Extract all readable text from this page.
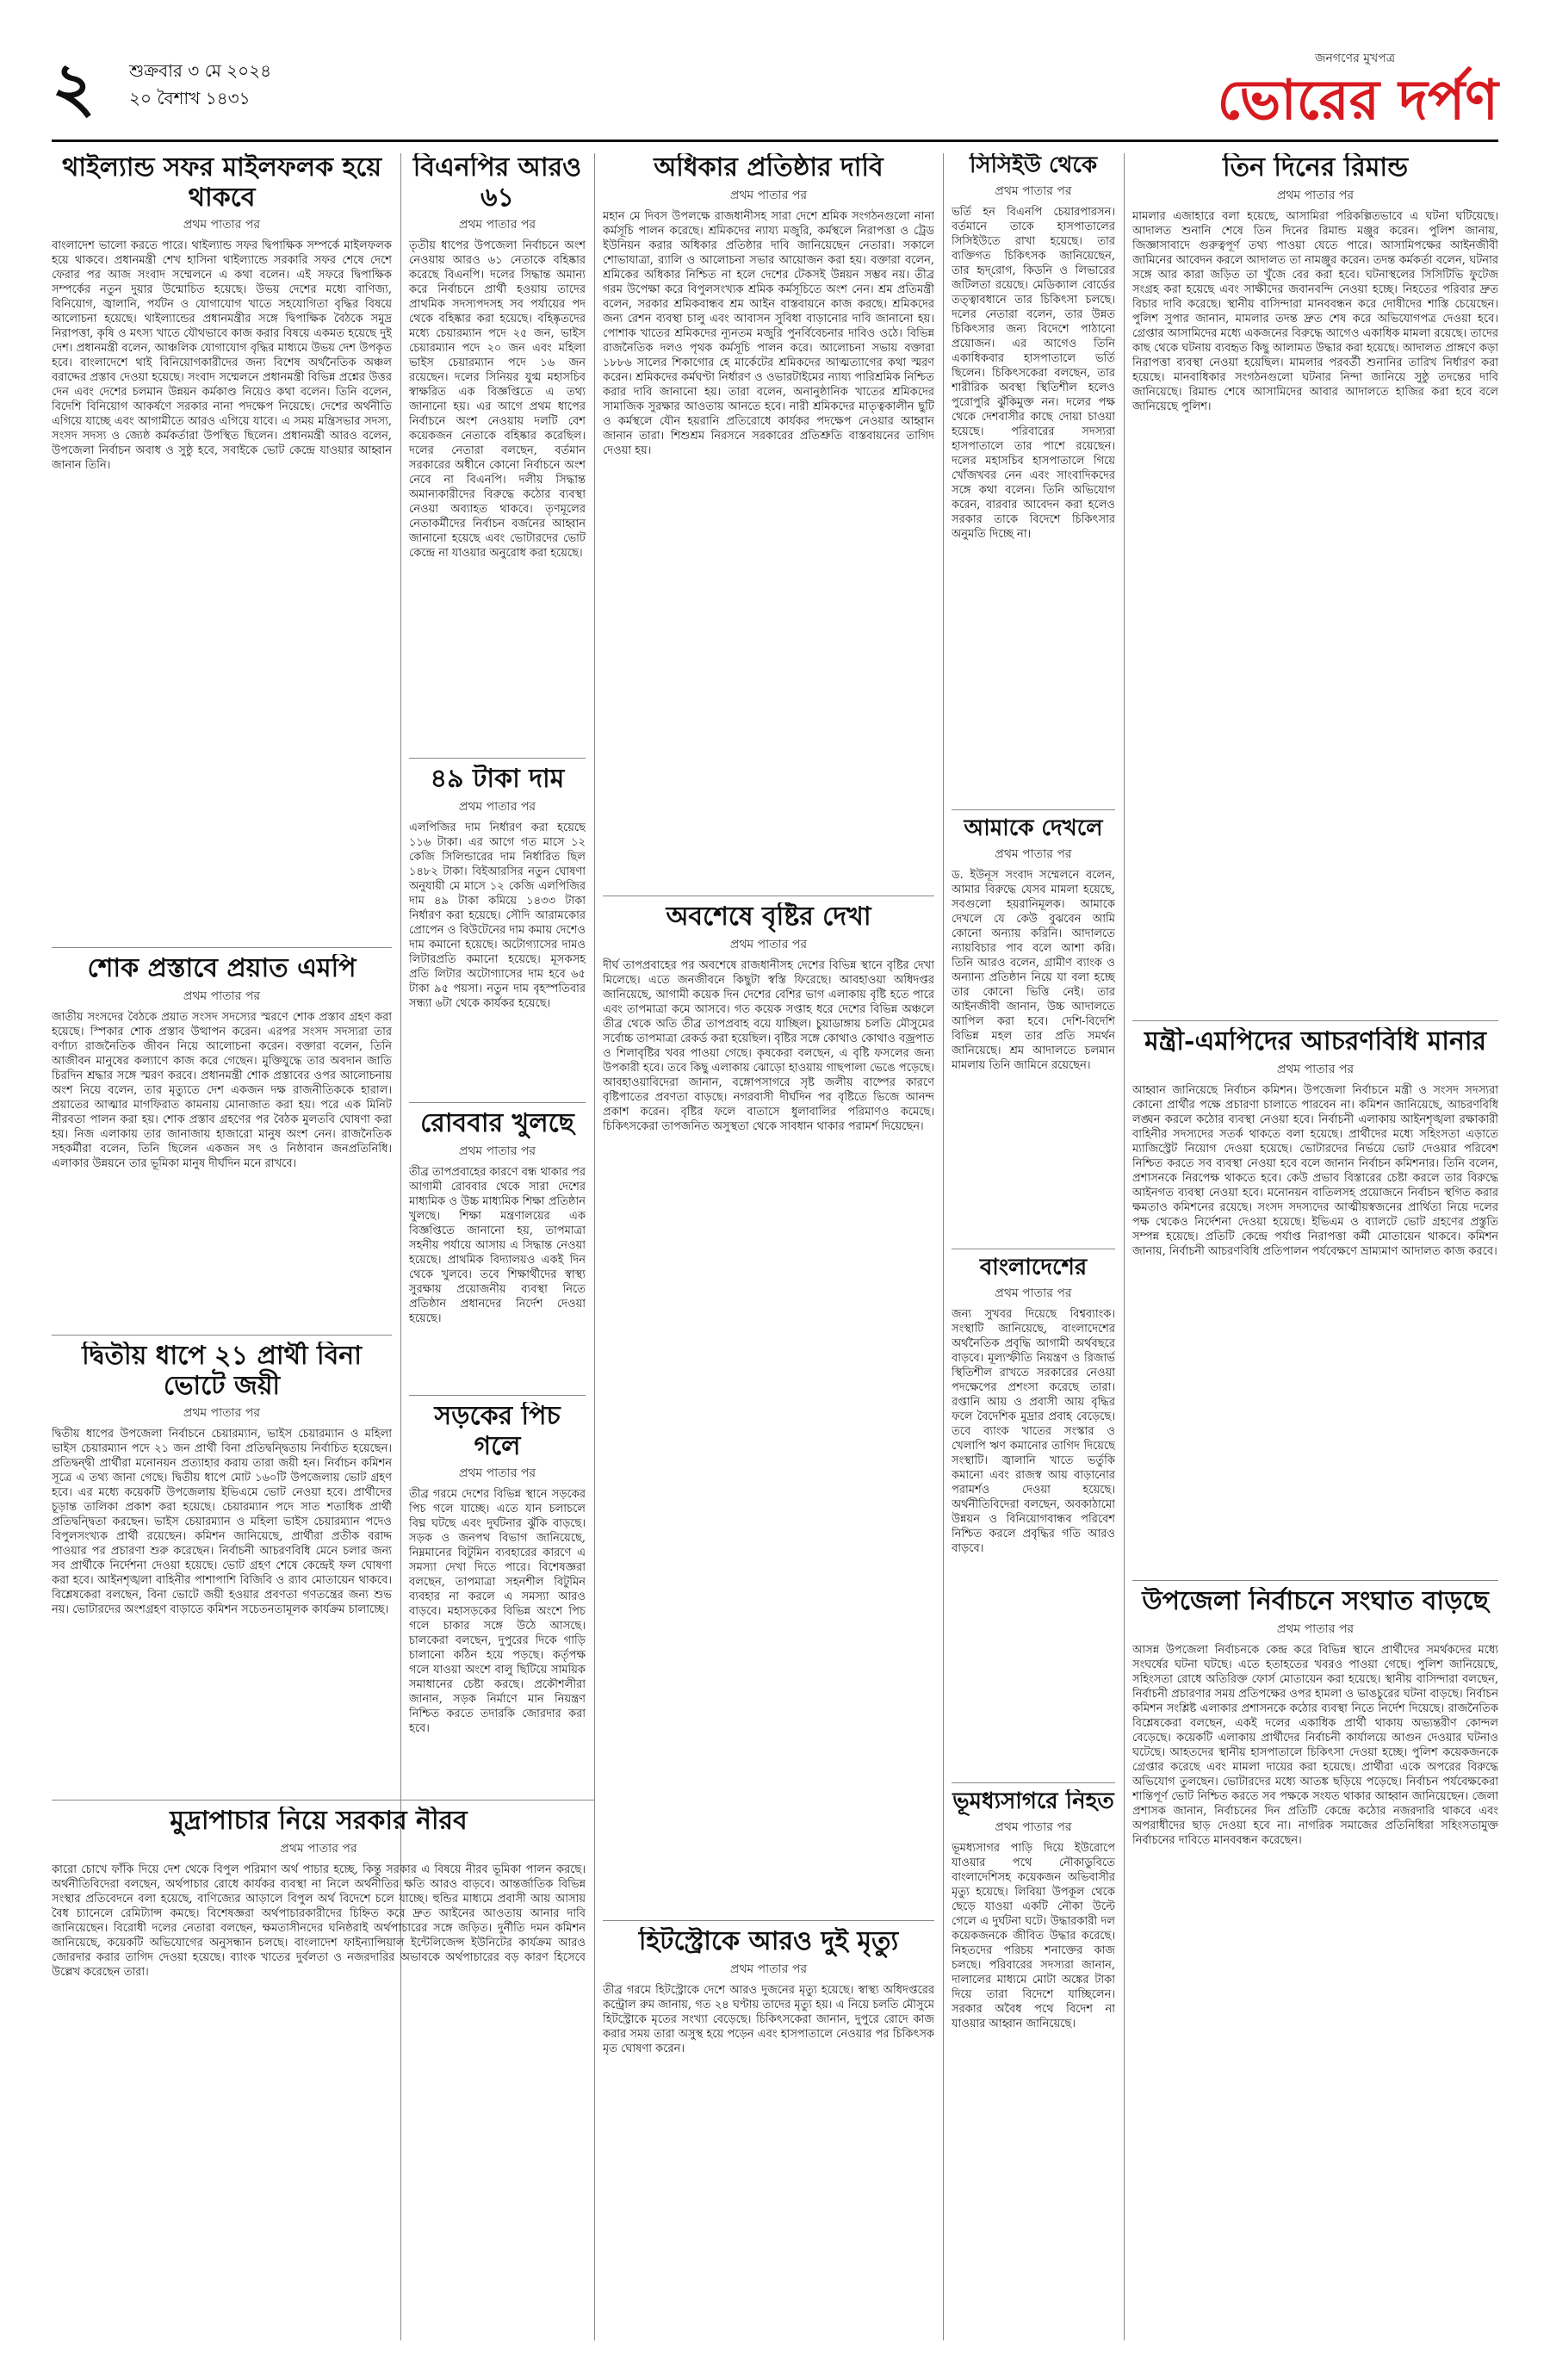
২ শুক্রবার ৩ মে ২০২৪
২০ বৈশাখ ১৪৩১
জনগণের মুখপত্র
ভোরের দর্পণ
থাইল্যান্ড সফর মাইলফলক হয়ে থাকবে
প্রথম পাতার পর

বাংলাদেশ ভালো করতে পারে। থাইল্যান্ড সফর দ্বিপাক্ষিক সম্পর্কে মাইলফলক হয়ে থাকবে। প্রধানমন্ত্রী শেখ হাসিনা থাইল্যান্ডে সরকারি সফর শেষে দেশে ফেরার পর আজ সংবাদ সম্মেলনে এ কথা বলেন। এই সফরে দ্বিপাক্ষিক সম্পর্কের নতুন দুয়ার উন্মোচিত হয়েছে। উভয় দেশের মধ্যে বাণিজ্য, বিনিয়োগ, জ্বালানি, পর্যটন ও যোগাযোগ খাতে সহযোগিতা বৃদ্ধির বিষয়ে আলোচনা হয়েছে। থাইল্যান্ডের প্রধানমন্ত্রীর সঙ্গে দ্বিপাক্ষিক বৈঠকে সমুদ্র নিরাপত্তা, কৃষি ও মৎস্য খাতে যৌথভাবে কাজ করার বিষয়ে একমত হয়েছে দুই দেশ। প্রধানমন্ত্রী বলেন, আঞ্চলিক যোগাযোগ বৃদ্ধির মাধ্যমে উভয় দেশ উপকৃত হবে। বাংলাদেশে থাই বিনিয়োগকারীদের জন্য বিশেষ অর্থনৈতিক অঞ্চল বরাদ্দের প্রস্তাব দেওয়া হয়েছে। সংবাদ সম্মেলনে প্রধানমন্ত্রী বিভিন্ন প্রশ্নের উত্তর দেন এবং দেশের চলমান উন্নয়ন কর্মকাণ্ড নিয়েও কথা বলেন। তিনি বলেন, বিদেশি বিনিয়োগ আকর্ষণে সরকার নানা পদক্ষেপ নিয়েছে। দেশের অর্থনীতি এগিয়ে যাচ্ছে এবং আগামীতে আরও এগিয়ে যাবে। এ সময় মন্ত্রিসভার সদস্য, সংসদ সদস্য ও জ্যেষ্ঠ কর্মকর্তারা উপস্থিত ছিলেন। প্রধানমন্ত্রী আরও বলেন, উপজেলা নির্বাচন অবাধ ও সুষ্ঠু হবে, সবাইকে ভোট কেন্দ্রে যাওয়ার আহ্বান জানান তিনি।

শোক প্রস্তাবে প্রয়াত এমপি
প্রথম পাতার পর

জাতীয় সংসদের বৈঠকে প্রয়াত সংসদ সদস্যের স্মরণে শোক প্রস্তাব গ্রহণ করা হয়েছে। স্পিকার শোক প্রস্তাব উত্থাপন করেন। এরপর সংসদ সদস্যরা তার বর্ণাঢ্য রাজনৈতিক জীবন নিয়ে আলোচনা করেন। বক্তারা বলেন, তিনি আজীবন মানুষের কল্যাণে কাজ করে গেছেন। মুক্তিযুদ্ধে তার অবদান জাতি চিরদিন শ্রদ্ধার সঙ্গে স্মরণ করবে। প্রধানমন্ত্রী শোক প্রস্তাবের ওপর আলোচনায় অংশ নিয়ে বলেন, তার মৃত্যুতে দেশ একজন দক্ষ রাজনীতিককে হারাল। প্রয়াতের আত্মার মাগফিরাত কামনায় মোনাজাত করা হয়। পরে এক মিনিট নীরবতা পালন করা হয়। শোক প্রস্তাব গ্রহণের পর বৈঠক মুলতবি ঘোষণা করা হয়। নিজ এলাকায় তার জানাজায় হাজারো মানুষ অংশ নেন। রাজনৈতিক সহকর্মীরা বলেন, তিনি ছিলেন একজন সৎ ও নিষ্ঠাবান জনপ্রতিনিধি। এলাকার উন্নয়নে তার ভূমিকা মানুষ দীর্ঘদিন মনে রাখবে।

দ্বিতীয় ধাপে ২১ প্রার্থী বিনা ভোটে জয়ী
প্রথম পাতার পর

দ্বিতীয় ধাপের উপজেলা নির্বাচনে চেয়ারম্যান, ভাইস চেয়ারম্যান ও মহিলা ভাইস চেয়ারম্যান পদে ২১ জন প্রার্থী বিনা প্রতিদ্বন্দ্বিতায় নির্বাচিত হয়েছেন। প্রতিদ্বন্দ্বী প্রার্থীরা মনোনয়ন প্রত্যাহার করায় তারা জয়ী হন। নির্বাচন কমিশন সূত্রে এ তথ্য জানা গেছে। দ্বিতীয় ধাপে মোট ১৬০টি উপজেলায় ভোট গ্রহণ হবে। এর মধ্যে কয়েকটি উপজেলায় ইভিএমে ভোট নেওয়া হবে। প্রার্থীদের চূড়ান্ত তালিকা প্রকাশ করা হয়েছে। চেয়ারম্যান পদে সাত শতাধিক প্রার্থী প্রতিদ্বন্দ্বিতা করছেন। ভাইস চেয়ারম্যান ও মহিলা ভাইস চেয়ারম্যান পদেও বিপুলসংখ্যক প্রার্থী রয়েছেন। কমিশন জানিয়েছে, প্রার্থীরা প্রতীক বরাদ্দ পাওয়ার পর প্রচারণা শুরু করেছেন। নির্বাচনী আচরণবিধি মেনে চলার জন্য সব প্রার্থীকে নির্দেশনা দেওয়া হয়েছে। ভোট গ্রহণ শেষে কেন্দ্রেই ফল ঘোষণা করা হবে। আইনশৃঙ্খলা বাহিনীর পাশাপাশি বিজিবি ও র‌্যাব মোতায়েন থাকবে। বিশ্লেষকেরা বলছেন, বিনা ভোটে জয়ী হওয়ার প্রবণতা গণতন্ত্রের জন্য শুভ নয়। ভোটারদের অংশগ্রহণ বাড়াতে কমিশন সচেতনতামূলক কার্যক্রম চালাচ্ছে।

মুদ্রাপাচার নিয়ে সরকার নীরব
প্রথম পাতার পর

কারো চোখে ফাঁকি দিয়ে দেশ থেকে বিপুল পরিমাণ অর্থ পাচার হচ্ছে, কিন্তু সরকার এ বিষয়ে নীরব ভূমিকা পালন করছে। অর্থনীতিবিদেরা বলছেন, অর্থপাচার রোধে কার্যকর ব্যবস্থা না নিলে অর্থনীতির ক্ষতি আরও বাড়বে। আন্তর্জাতিক বিভিন্ন সংস্থার প্রতিবেদনে বলা হয়েছে, বাণিজ্যের আড়ালে বিপুল অর্থ বিদেশে চলে যাচ্ছে। হুন্ডির মাধ্যমে প্রবাসী আয় আসায় বৈধ চ্যানেলে রেমিট্যান্স কমছে। বিশেষজ্ঞরা অর্থপাচারকারীদের চিহ্নিত করে দ্রুত আইনের আওতায় আনার দাবি জানিয়েছেন। বিরোধী দলের নেতারা বলছেন, ক্ষমতাসীনদের ঘনিষ্ঠরাই অর্থপাচারের সঙ্গে জড়িত। দুর্নীতি দমন কমিশন জানিয়েছে, কয়েকটি অভিযোগের অনুসন্ধান চলছে। বাংলাদেশ ফাইন্যান্সিয়াল ইন্টেলিজেন্স ইউনিটের কার্যক্রম আরও জোরদার করার তাগিদ দেওয়া হয়েছে। ব্যাংক খাতের দুর্বলতা ও নজরদারির অভাবকে অর্থপাচারের বড় কারণ হিসেবে উল্লেখ করেছেন তারা।

বিএনপির আরও ৬১
প্রথম পাতার পর

তৃতীয় ধাপের উপজেলা নির্বাচনে অংশ নেওয়ায় আরও ৬১ নেতাকে বহিষ্কার করেছে বিএনপি। দলের সিদ্ধান্ত অমান্য করে নির্বাচনে প্রার্থী হওয়ায় তাদের প্রাথমিক সদস্যপদসহ সব পর্যায়ের পদ থেকে বহিষ্কার করা হয়েছে। বহিষ্কৃতদের মধ্যে চেয়ারম্যান পদে ২৫ জন, ভাইস চেয়ারম্যান পদে ২০ জন এবং মহিলা ভাইস চেয়ারম্যান পদে ১৬ জন রয়েছেন। দলের সিনিয়র যুগ্ম মহাসচিব স্বাক্ষরিত এক বিজ্ঞপ্তিতে এ তথ্য জানানো হয়। এর আগে প্রথম ধাপের নির্বাচনে অংশ নেওয়ায় দলটি বেশ কয়েকজন নেতাকে বহিষ্কার করেছিল। দলের নেতারা বলছেন, বর্তমান সরকারের অধীনে কোনো নির্বাচনে অংশ নেবে না বিএনপি। দলীয় সিদ্ধান্ত অমান্যকারীদের বিরুদ্ধে কঠোর ব্যবস্থা নেওয়া অব্যাহত থাকবে। তৃণমূলের নেতাকর্মীদের নির্বাচন বর্জনের আহ্বান জানানো হয়েছে এবং ভোটারদের ভোট কেন্দ্রে না যাওয়ার অনুরোধ করা হয়েছে।

৪৯ টাকা দাম
প্রথম পাতার পর

এলপিজির দাম নির্ধারণ করা হয়েছে ১১৬ টাকা। এর আগে গত মাসে ১২ কেজি সিলিন্ডারের দাম নির্ধারিত ছিল ১৪৮২ টাকা। বিইআরসির নতুন ঘোষণা অনুযায়ী মে মাসে ১২ কেজি এলপিজির দাম ৪৯ টাকা কমিয়ে ১৪৩৩ টাকা নির্ধারণ করা হয়েছে। সৌদি আরামকোর প্রোপেন ও বিউটেনের দাম কমায় দেশেও দাম কমানো হয়েছে। অটোগ্যাসের দামও লিটারপ্রতি কমানো হয়েছে। মূসকসহ প্রতি লিটার অটোগ্যাসের দাম হবে ৬৫ টাকা ৯৫ পয়সা। নতুন দাম বৃহস্পতিবার সন্ধ্যা ৬টা থেকে কার্যকর হয়েছে।

রোববার খুলছে
প্রথম পাতার পর

তীব্র তাপপ্রবাহের কারণে বন্ধ থাকার পর আগামী রোববার থেকে সারা দেশের মাধ্যমিক ও উচ্চ মাধ্যমিক শিক্ষা প্রতিষ্ঠান খুলছে। শিক্ষা মন্ত্রণালয়ের এক বিজ্ঞপ্তিতে জানানো হয়, তাপমাত্রা সহনীয় পর্যায়ে আসায় এ সিদ্ধান্ত নেওয়া হয়েছে। প্রাথমিক বিদ্যালয়ও একই দিন থেকে খুলবে। তবে শিক্ষার্থীদের স্বাস্থ্য সুরক্ষায় প্রয়োজনীয় ব্যবস্থা নিতে প্রতিষ্ঠান প্রধানদের নির্দেশ দেওয়া হয়েছে।

সড়কের পিচ গলে
প্রথম পাতার পর

তীব্র গরমে দেশের বিভিন্ন স্থানে সড়কের পিচ গলে যাচ্ছে। এতে যান চলাচলে বিঘ্ন ঘটছে এবং দুর্ঘটনার ঝুঁকি বাড়ছে। সড়ক ও জনপথ বিভাগ জানিয়েছে, নিম্নমানের বিটুমিন ব্যবহারের কারণে এ সমস্যা দেখা দিতে পারে। বিশেষজ্ঞরা বলছেন, তাপমাত্রা সহনশীল বিটুমিন ব্যবহার না করলে এ সমস্যা আরও বাড়বে। মহাসড়কের বিভিন্ন অংশে পিচ গলে চাকার সঙ্গে উঠে আসছে। চালকেরা বলছেন, দুপুরের দিকে গাড়ি চালানো কঠিন হয়ে পড়ছে। কর্তৃপক্ষ গলে যাওয়া অংশে বালু ছিটিয়ে সাময়িক সমাধানের চেষ্টা করছে। প্রকৌশলীরা জানান, সড়ক নির্মাণে মান নিয়ন্ত্রণ নিশ্চিত করতে তদারকি জোরদার করা হবে।

অধিকার প্রতিষ্ঠার দাবি
প্রথম পাতার পর

মহান মে দিবস উপলক্ষে রাজধানীসহ সারা দেশে শ্রমিক সংগঠনগুলো নানা কর্মসূচি পালন করেছে। শ্রমিকদের ন্যায্য মজুরি, কর্মস্থলে নিরাপত্তা ও ট্রেড ইউনিয়ন করার অধিকার প্রতিষ্ঠার দাবি জানিয়েছেন নেতারা। সকালে শোভাযাত্রা, র‌্যালি ও আলোচনা সভার আয়োজন করা হয়। বক্তারা বলেন, শ্রমিকের অধিকার নিশ্চিত না হলে দেশের টেকসই উন্নয়ন সম্ভব নয়। তীব্র গরম উপেক্ষা করে বিপুলসংখ্যক শ্রমিক কর্মসূচিতে অংশ নেন। শ্রম প্রতিমন্ত্রী বলেন, সরকার শ্রমিকবান্ধব শ্রম আইন বাস্তবায়নে কাজ করছে। শ্রমিকদের জন্য রেশন ব্যবস্থা চালু এবং আবাসন সুবিধা বাড়ানোর দাবি জানানো হয়। পোশাক খাতের শ্রমিকদের ন্যূনতম মজুরি পুনর্বিবেচনার দাবিও ওঠে। বিভিন্ন রাজনৈতিক দলও পৃথক কর্মসূচি পালন করে। আলোচনা সভায় বক্তারা ১৮৮৬ সালের শিকাগোর হে মার্কেটের শ্রমিকদের আত্মত্যাগের কথা স্মরণ করেন। শ্রমিকদের কর্মঘণ্টা নির্ধারণ ও ওভারটাইমের ন্যায্য পারিশ্রমিক নিশ্চিত করার দাবি জানানো হয়। তারা বলেন, অনানুষ্ঠানিক খাতের শ্রমিকদের সামাজিক সুরক্ষার আওতায় আনতে হবে। নারী শ্রমিকদের মাতৃত্বকালীন ছুটি ও কর্মস্থলে যৌন হয়রানি প্রতিরোধে কার্যকর পদক্ষেপ নেওয়ার আহ্বান জানান তারা। শিশুশ্রম নিরসনে সরকারের প্রতিশ্রুতি বাস্তবায়নের তাগিদ দেওয়া হয়।

অবশেষে বৃষ্টির দেখা
প্রথম পাতার পর

দীর্ঘ তাপপ্রবাহের পর অবশেষে রাজধানীসহ দেশের বিভিন্ন স্থানে বৃষ্টির দেখা মিলেছে। এতে জনজীবনে কিছুটা স্বস্তি ফিরেছে। আবহাওয়া অধিদপ্তর জানিয়েছে, আগামী কয়েক দিন দেশের বেশির ভাগ এলাকায় বৃষ্টি হতে পারে এবং তাপমাত্রা কমে আসবে। গত কয়েক সপ্তাহ ধরে দেশের বিভিন্ন অঞ্চলে তীব্র থেকে অতি তীব্র তাপপ্রবাহ বয়ে যাচ্ছিল। চুয়াডাঙ্গায় চলতি মৌসুমের সর্বোচ্চ তাপমাত্রা রেকর্ড করা হয়েছিল। বৃষ্টির সঙ্গে কোথাও কোথাও বজ্রপাত ও শিলাবৃষ্টির খবর পাওয়া গেছে। কৃষকেরা বলছেন, এ বৃষ্টি ফসলের জন্য উপকারী হবে। তবে কিছু এলাকায় ঝোড়ো হাওয়ায় গাছপালা ভেঙে পড়েছে। আবহাওয়াবিদেরা জানান, বঙ্গোপসাগরে সৃষ্ট জলীয় বাষ্পের কারণে বৃষ্টিপাতের প্রবণতা বাড়ছে। নগরবাসী দীর্ঘদিন পর বৃষ্টিতে ভিজে আনন্দ প্রকাশ করেন। বৃষ্টির ফলে বাতাসে ধুলাবালির পরিমাণও কমেছে। চিকিৎসকেরা তাপজনিত অসুস্থতা থেকে সাবধান থাকার পরামর্শ দিয়েছেন।

হিটস্ট্রোকে আরও দুই মৃত্যু
প্রথম পাতার পর

তীব্র গরমে হিটস্ট্রোকে দেশে আরও দুজনের মৃত্যু হয়েছে। স্বাস্থ্য অধিদপ্তরের কন্ট্রোল রুম জানায়, গত ২৪ ঘণ্টায় তাদের মৃত্যু হয়। এ নিয়ে চলতি মৌসুমে হিটস্ট্রোকে মৃতের সংখ্যা বেড়েছে। চিকিৎসকেরা জানান, দুপুরে রোদে কাজ করার সময় তারা অসুস্থ হয়ে পড়েন এবং হাসপাতালে নেওয়ার পর চিকিৎসক মৃত ঘোষণা করেন।

সিসিইউ থেকে
প্রথম পাতার পর

ভর্তি হন বিএনপি চেয়ারপারসন। বর্তমানে তাকে হাসপাতালের সিসিইউতে রাখা হয়েছে। তার ব্যক্তিগত চিকিৎসক জানিয়েছেন, তার হৃদ্‌রোগ, কিডনি ও লিভারের জটিলতা রয়েছে। মেডিক্যাল বোর্ডের তত্ত্বাবধানে তার চিকিৎসা চলছে। দলের নেতারা বলেন, তার উন্নত চিকিৎসার জন্য বিদেশে পাঠানো প্রয়োজন। এর আগেও তিনি একাধিকবার হাসপাতালে ভর্তি ছিলেন। চিকিৎসকেরা বলছেন, তার শারীরিক অবস্থা স্থিতিশীল হলেও পুরোপুরি ঝুঁকিমুক্ত নন। দলের পক্ষ থেকে দেশবাসীর কাছে দোয়া চাওয়া হয়েছে। পরিবারের সদস্যরা হাসপাতালে তার পাশে রয়েছেন। দলের মহাসচিব হাসপাতালে গিয়ে খোঁজখবর নেন এবং সাংবাদিকদের সঙ্গে কথা বলেন। তিনি অভিযোগ করেন, বারবার আবেদন করা হলেও সরকার তাকে বিদেশে চিকিৎসার অনুমতি দিচ্ছে না।

আমাকে দেখলে
প্রথম পাতার পর

ড. ইউনূস সংবাদ সম্মেলনে বলেন, আমার বিরুদ্ধে যেসব মামলা হয়েছে, সবগুলো হয়রানিমূলক। আমাকে দেখলে যে কেউ বুঝবেন আমি কোনো অন্যায় করিনি। আদালতে ন্যায়বিচার পাব বলে আশা করি। তিনি আরও বলেন, গ্রামীণ ব্যাংক ও অন্যান্য প্রতিষ্ঠান নিয়ে যা বলা হচ্ছে তার কোনো ভিত্তি নেই। তার আইনজীবী জানান, উচ্চ আদালতে আপিল করা হবে। দেশি-বিদেশি বিভিন্ন মহল তার প্রতি সমর্থন জানিয়েছে। শ্রম আদালতে চলমান মামলায় তিনি জামিনে রয়েছেন।

বাংলাদেশের
প্রথম পাতার পর

জন্য সুখবর দিয়েছে বিশ্বব্যাংক। সংস্থাটি জানিয়েছে, বাংলাদেশের অর্থনৈতিক প্রবৃদ্ধি আগামী অর্থবছরে বাড়বে। মূল্যস্ফীতি নিয়ন্ত্রণ ও রিজার্ভ স্থিতিশীল রাখতে সরকারের নেওয়া পদক্ষেপের প্রশংসা করেছে তারা। রপ্তানি আয় ও প্রবাসী আয় বৃদ্ধির ফলে বৈদেশিক মুদ্রার প্রবাহ বেড়েছে। তবে ব্যাংক খাতের সংস্কার ও খেলাপি ঋণ কমানোর তাগিদ দিয়েছে সংস্থাটি। জ্বালানি খাতে ভর্তুকি কমানো এবং রাজস্ব আয় বাড়ানোর পরামর্শও দেওয়া হয়েছে। অর্থনীতিবিদেরা বলছেন, অবকাঠামো উন্নয়ন ও বিনিয়োগবান্ধব পরিবেশ নিশ্চিত করলে প্রবৃদ্ধির গতি আরও বাড়বে।

ভূমধ্যসাগরে নিহত
প্রথম পাতার পর

ভূমধ্যসাগর পাড়ি দিয়ে ইউরোপে যাওয়ার পথে নৌকাডুবিতে বাংলাদেশিসহ কয়েকজন অভিবাসীর মৃত্যু হয়েছে। লিবিয়া উপকূল থেকে ছেড়ে যাওয়া একটি নৌকা উল্টে গেলে এ দুর্ঘটনা ঘটে। উদ্ধারকারী দল কয়েকজনকে জীবিত উদ্ধার করেছে। নিহতদের পরিচয় শনাক্তের কাজ চলছে। পরিবারের সদস্যরা জানান, দালালের মাধ্যমে মোটা অঙ্কের টাকা দিয়ে তারা বিদেশে যাচ্ছিলেন। সরকার অবৈধ পথে বিদেশ না যাওয়ার আহ্বান জানিয়েছে।

তিন দিনের রিমান্ড
প্রথম পাতার পর

মামলার এজাহারে বলা হয়েছে, আসামিরা পরিকল্পিতভাবে এ ঘটনা ঘটিয়েছে। আদালত শুনানি শেষে তিন দিনের রিমান্ড মঞ্জুর করেন। পুলিশ জানায়, জিজ্ঞাসাবাদে গুরুত্বপূর্ণ তথ্য পাওয়া যেতে পারে। আসামিপক্ষের আইনজীবী জামিনের আবেদন করলে আদালত তা নামঞ্জুর করেন। তদন্ত কর্মকর্তা বলেন, ঘটনার সঙ্গে আর কারা জড়িত তা খুঁজে বের করা হবে। ঘটনাস্থলের সিসিটিভি ফুটেজ সংগ্রহ করা হয়েছে এবং সাক্ষীদের জবানবন্দি নেওয়া হচ্ছে। নিহতের পরিবার দ্রুত বিচার দাবি করেছে। স্থানীয় বাসিন্দারা মানববন্ধন করে দোষীদের শাস্তি চেয়েছেন। পুলিশ সুপার জানান, মামলার তদন্ত দ্রুত শেষ করে অভিযোগপত্র দেওয়া হবে। গ্রেপ্তার আসামিদের মধ্যে একজনের বিরুদ্ধে আগেও একাধিক মামলা রয়েছে। তাদের কাছ থেকে ঘটনায় ব্যবহৃত কিছু আলামত উদ্ধার করা হয়েছে। আদালত প্রাঙ্গণে কড়া নিরাপত্তা ব্যবস্থা নেওয়া হয়েছিল। মামলার পরবর্তী শুনানির তারিখ নির্ধারণ করা হয়েছে। মানবাধিকার সংগঠনগুলো ঘটনার নিন্দা জানিয়ে সুষ্ঠু তদন্তের দাবি জানিয়েছে। রিমান্ড শেষে আসামিদের আবার আদালতে হাজির করা হবে বলে জানিয়েছে পুলিশ।

মন্ত্রী-এমপিদের আচরণবিধি মানার
প্রথম পাতার পর

আহ্বান জানিয়েছে নির্বাচন কমিশন। উপজেলা নির্বাচনে মন্ত্রী ও সংসদ সদস্যরা কোনো প্রার্থীর পক্ষে প্রচারণা চালাতে পারবেন না। কমিশন জানিয়েছে, আচরণবিধি লঙ্ঘন করলে কঠোর ব্যবস্থা নেওয়া হবে। নির্বাচনী এলাকায় আইনশৃঙ্খলা রক্ষাকারী বাহিনীর সদস্যদের সতর্ক থাকতে বলা হয়েছে। প্রার্থীদের মধ্যে সহিংসতা এড়াতে ম্যাজিস্ট্রেট নিয়োগ দেওয়া হয়েছে। ভোটারদের নির্ভয়ে ভোট দেওয়ার পরিবেশ নিশ্চিত করতে সব ব্যবস্থা নেওয়া হবে বলে জানান নির্বাচন কমিশনার। তিনি বলেন, প্রশাসনকে নিরপেক্ষ থাকতে হবে। কেউ প্রভাব বিস্তারের চেষ্টা করলে তার বিরুদ্ধে আইনগত ব্যবস্থা নেওয়া হবে। মনোনয়ন বাতিলসহ প্রয়োজনে নির্বাচন স্থগিত করার ক্ষমতাও কমিশনের রয়েছে। সংসদ সদস্যদের আত্মীয়স্বজনের প্রার্থিতা নিয়ে দলের পক্ষ থেকেও নির্দেশনা দেওয়া হয়েছে। ইভিএম ও ব্যালটে ভোট গ্রহণের প্রস্তুতি সম্পন্ন হয়েছে। প্রতিটি কেন্দ্রে পর্যাপ্ত নিরাপত্তা কর্মী মোতায়েন থাকবে। কমিশন জানায়, নির্বাচনী আচরণবিধি প্রতিপালন পর্যবেক্ষণে ভ্রাম্যমাণ আদালত কাজ করবে।

উপজেলা নির্বাচনে সংঘাত বাড়ছে
প্রথম পাতার পর

আসন্ন উপজেলা নির্বাচনকে কেন্দ্র করে বিভিন্ন স্থানে প্রার্থীদের সমর্থকদের মধ্যে সংঘর্ষের ঘটনা ঘটছে। এতে হতাহতের খবরও পাওয়া গেছে। পুলিশ জানিয়েছে, সহিংসতা রোধে অতিরিক্ত ফোর্স মোতায়েন করা হয়েছে। স্থানীয় বাসিন্দারা বলছেন, নির্বাচনী প্রচারণার সময় প্রতিপক্ষের ওপর হামলা ও ভাঙচুরের ঘটনা বাড়ছে। নির্বাচন কমিশন সংশ্লিষ্ট এলাকার প্রশাসনকে কঠোর ব্যবস্থা নিতে নির্দেশ দিয়েছে। রাজনৈতিক বিশ্লেষকেরা বলছেন, একই দলের একাধিক প্রার্থী থাকায় অভ্যন্তরীণ কোন্দল বেড়েছে। কয়েকটি এলাকায় প্রার্থীদের নির্বাচনী কার্যালয়ে আগুন দেওয়ার ঘটনাও ঘটেছে। আহতদের স্থানীয় হাসপাতালে চিকিৎসা দেওয়া হচ্ছে। পুলিশ কয়েকজনকে গ্রেপ্তার করেছে এবং মামলা দায়ের করা হয়েছে। প্রার্থীরা একে অপরের বিরুদ্ধে অভিযোগ তুলছেন। ভোটারদের মধ্যে আতঙ্ক ছড়িয়ে পড়েছে। নির্বাচন পর্যবেক্ষকেরা শান্তিপূর্ণ ভোট নিশ্চিত করতে সব পক্ষকে সংযত থাকার আহ্বান জানিয়েছেন। জেলা প্রশাসক জানান, নির্বাচনের দিন প্রতিটি কেন্দ্রে কঠোর নজরদারি থাকবে এবং অপরাধীদের ছাড় দেওয়া হবে না। নাগরিক সমাজের প্রতিনিধিরা সহিংসতামুক্ত নির্বাচনের দাবিতে মানববন্ধন করেছেন।
